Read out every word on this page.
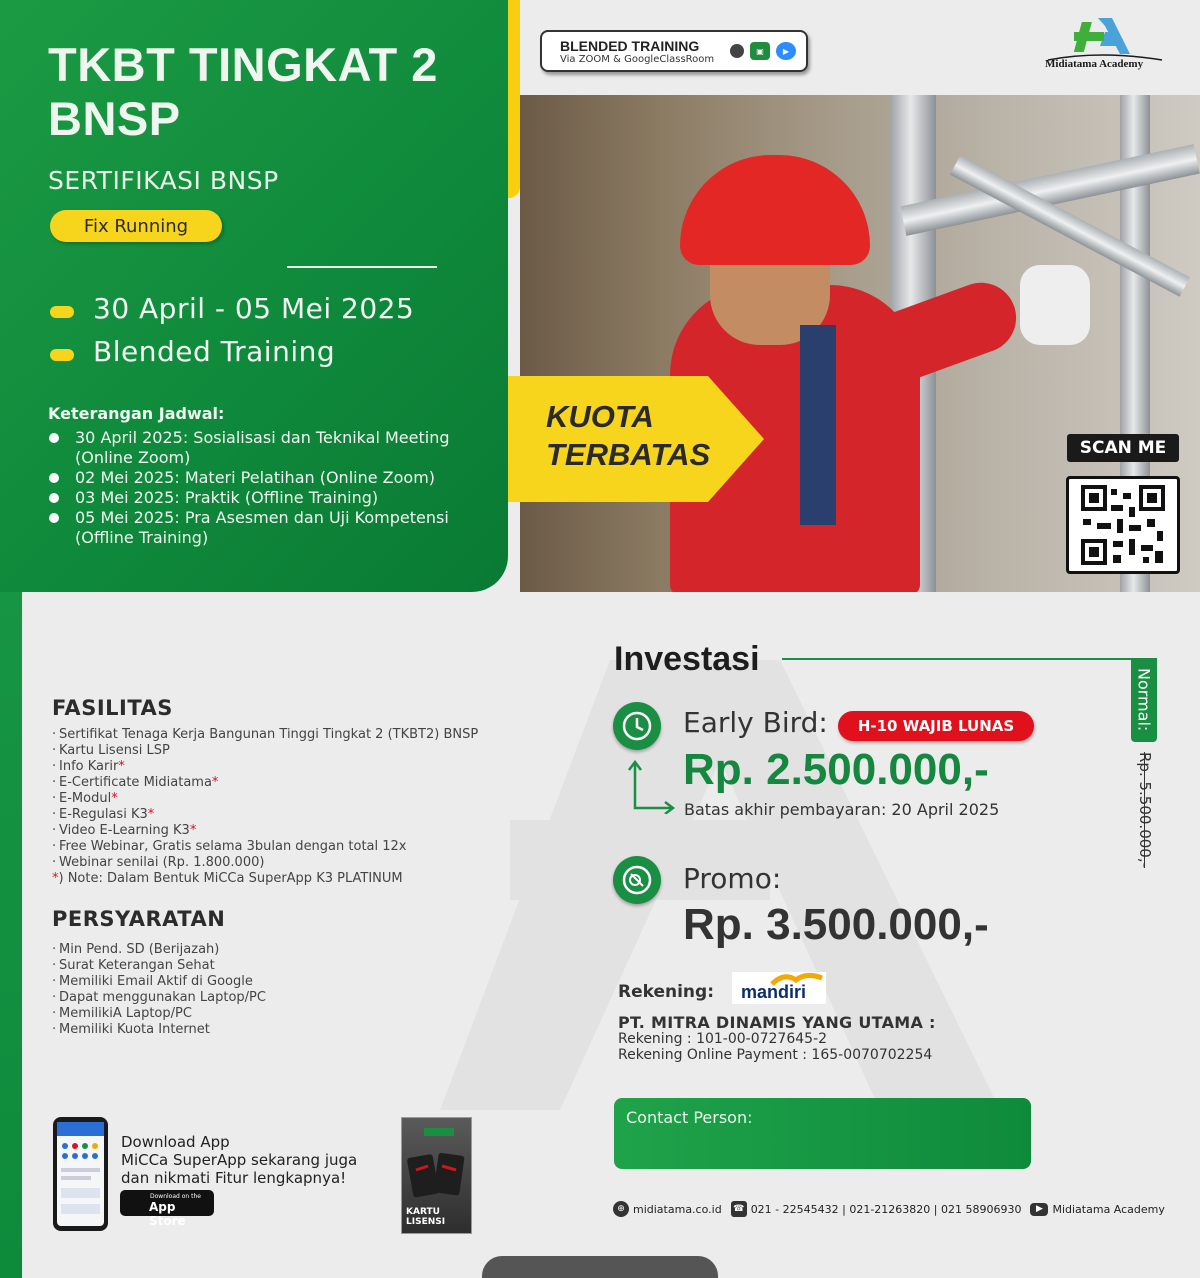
TKBT TINGKAT 2 BNSP
SERTIFIKASI BNSP
Fix Running
30 April - 05 Mei 2025
Blended Training
Keterangan Jadwal:
30 April 2025: Sosialisasi dan Teknikal Meeting (Online Zoom)
02 Mei 2025: Materi Pelatihan (Online Zoom)
03 Mei 2025: Praktik (Offline Training)
05 Mei 2025: Pra Asesmen dan Uji Kompetensi (Offline Training)
BLENDED TRAINING
Via ZOOM & GoogleClassRoom
▣	▶
Midiatama Academy
KUOTA
TERBATAS	SCAN ME
FASILITAS
· Sertifikat Tenaga Kerja Bangunan Tinggi Tingkat 2 (TKBT2) BNSP
· Kartu Lisensi LSP
· Info Karir*
· E-Certificate Midiatama*
· E-Modul*
· E-Regulasi K3*
· Video E-Learning K3*
· Free Webinar, Gratis selama 3bulan dengan total 12x
· Webinar senilai (Rp. 1.800.000)
*) Note: Dalam Bentuk MiCCa SuperApp K3 PLATINUM
PERSYARATAN
· Min Pend. SD (Berijazah)
· Surat Keterangan Sehat
· Memiliki Email Aktif di Google
· Dapat menggunakan Laptop/PC
· MemilikiA Laptop/PC
· Memiliki Kuota Internet
Investasi
Normal:
Rp. 5.500.000,-
Early Bird:	H-10 WAJIB LUNAS
Rp. 2.500.000,-
Batas akhir pembayaran: 20 April 2025
Promo:
Rp. 3.500.000,-
Rekening: mandiri
PT. MITRA DINAMIS YANG UTAMA :
Rekening : 101-00-0727645-2
Rekening Online Payment : 165-0070702254
Contact Person:
⊕ midiatama.co.id ☎ 021 - 22545432 | 021-21263820 | 021 58906930	▶ Midiatama Academy
Download App
MiCCa SuperApp sekarang juga
dan nikmati Fitur lengkapnya!
Download on the
App Store
KARTU
LISENSI
